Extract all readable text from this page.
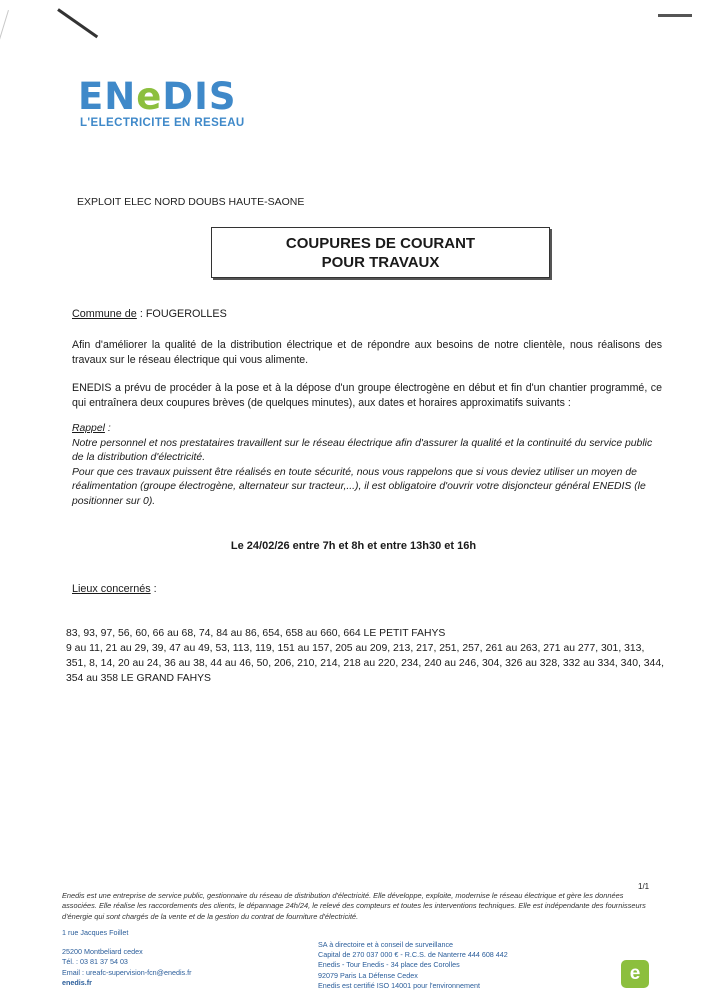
ENeDIS
L'ELECTRICITE EN RESEAU
EXPLOIT ELEC NORD DOUBS HAUTE-SAONE
COUPURES DE COURANT
POUR TRAVAUX
Commune de : FOUGEROLLES
Afin d'améliorer la qualité de la distribution électrique et de répondre aux besoins de notre clientèle, nous réalisons des travaux sur le réseau électrique qui vous alimente.
ENEDIS a prévu de procéder à la pose et à la dépose d'un groupe électrogène en début et fin d'un chantier programmé, ce qui entraînera deux coupures brèves (de quelques minutes), aux dates et horaires approximatifs suivants :
Rappel :
Notre personnel et nos prestataires travaillent sur le réseau électrique afin d'assurer la qualité et la continuité du service public de la distribution d'électricité.
Pour que ces travaux puissent être réalisés en toute sécurité, nous vous rappelons que si vous deviez utiliser un moyen de réalimentation (groupe électrogène, alternateur sur tracteur,...), il est obligatoire d'ouvrir votre disjoncteur général ENEDIS (le positionner sur 0).
Le 24/02/26 entre 7h et 8h et entre 13h30 et 16h
Lieux concernés :
83, 93, 97, 56, 60, 66 au 68, 74, 84 au 86, 654, 658 au 660, 664 LE PETIT FAHYS
9 au 11, 21 au 29, 39, 47 au 49, 53, 113, 119, 151 au 157, 205 au 209, 213, 217, 251, 257, 261 au 263, 271 au 277, 301, 313, 351, 8, 14, 20 au 24, 36 au 38, 44 au 46, 50, 206, 210, 214, 218 au 220, 234, 240 au 246, 304, 326 au 328, 332 au 334, 340, 344, 354 au 358 LE GRAND FAHYS
1/1
Enedis est une entreprise de service public, gestionnaire du réseau de distribution d'électricité. Elle développe, exploite, modernise le réseau électrique et gère les données associées. Elle réalise les raccordements des clients, le dépannage 24h/24, le relevé des compteurs et toutes les interventions techniques. Elle est indépendante des fournisseurs d'énergie qui sont chargés de la vente et de la gestion du contrat de fourniture d'électricité.
1 rue Jacques Foillet
25200 Montbeliard cedex
Tél. : 03 81 37 54 03
Email : ureafc-supervision-fcn@enedis.fr
enedis.fr
SA à directoire et à conseil de surveillance
Capital de 270 037 000 € - R.C.S. de Nanterre 444 608 442
Enedis - Tour Enedis - 34 place des Corolles
92079 Paris La Défense Cedex
Enedis est certifié ISO 14001 pour l'environnement
e
